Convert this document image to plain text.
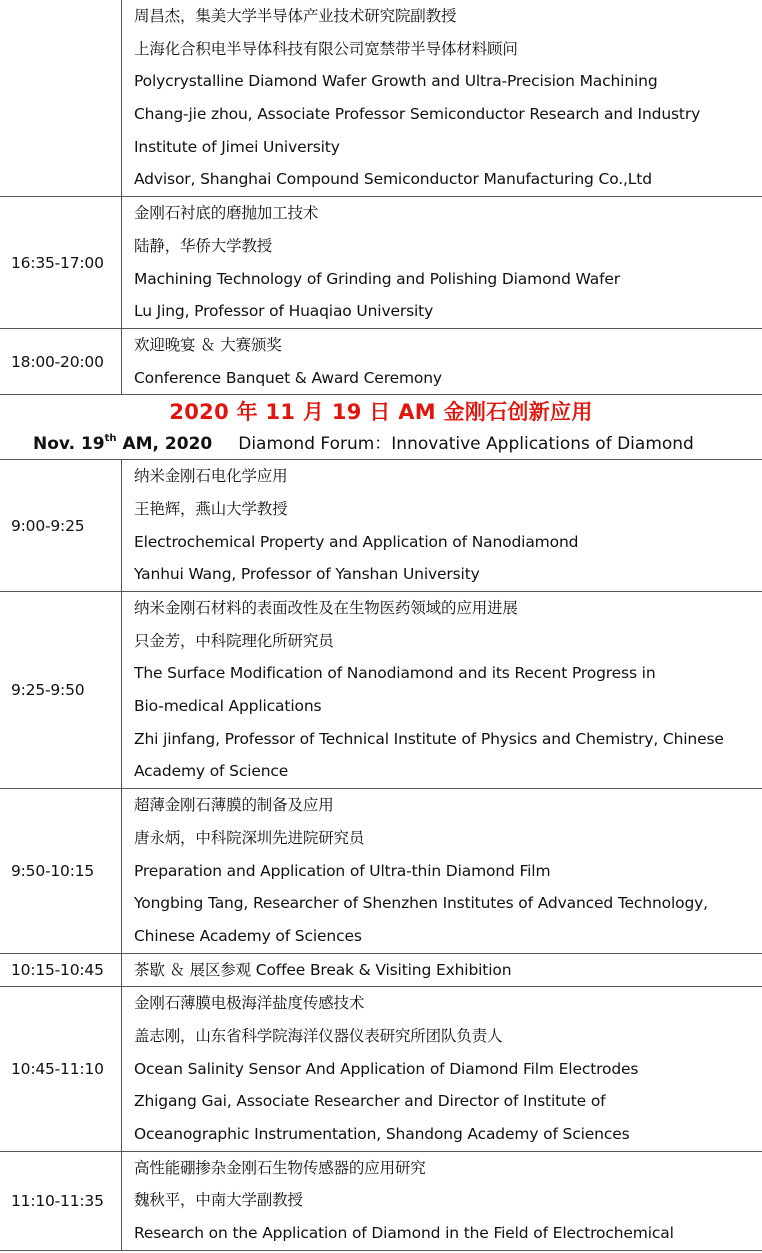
周昌杰，集美大学半导体产业技术研究院副教授
上海化合积电半导体科技有限公司宽禁带半导体材料顾问
Polycrystalline Diamond Wafer Growth and Ultra-Precision Machining
Chang-jie zhou, Associate Professor Semiconductor Research and Industry
Institute of Jimei University
Advisor, Shanghai Compound Semiconductor Manufacturing Co.,Ltd
16:35-17:00
金刚石衬底的磨抛加工技术
陆静，华侨大学教授
Machining Technology of Grinding and Polishing Diamond Wafer
Lu Jing, Professor of Huaqiao University
18:00-20:00
欢迎晚宴 ＆ 大赛颁奖
Conference Banquet & Award Ceremony
2020 年 11 月 19 日 AM 金刚石创新应用
Nov. 19th AM, 2020 Diamond Forum：Innovative Applications of Diamond
9:00-9:25
纳米金刚石电化学应用
王艳辉，燕山大学教授
Electrochemical Property and Application of Nanodiamond
Yanhui Wang, Professor of Yanshan University
9:25-9:50
纳米金刚石材料的表面改性及在生物医药领域的应用进展
只金芳，中科院理化所研究员
The Surface Modification of Nanodiamond and its Recent Progress in
Bio-medical Applications
Zhi jinfang, Professor of Technical Institute of Physics and Chemistry, Chinese
Academy of Science
9:50-10:15
超薄金刚石薄膜的制备及应用
唐永炳，中科院深圳先进院研究员
Preparation and Application of Ultra-thin Diamond Film
Yongbing Tang, Researcher of Shenzhen Institutes of Advanced Technology,
Chinese Academy of Sciences
10:15-10:45	茶歇 ＆ 展区参观 Coffee Break & Visiting Exhibition
10:45-11:10
金刚石薄膜电极海洋盐度传感技术
盖志刚，山东省科学院海洋仪器仪表研究所团队负责人
Ocean Salinity Sensor And Application of Diamond Film Electrodes
Zhigang Gai, Associate Researcher and Director of Institute of
Oceanographic Instrumentation, Shandong Academy of Sciences
11:10-11:35
高性能硼掺杂金刚石生物传感器的应用研究
魏秋平，中南大学副教授
Research on the Application of Diamond in the Field of Electrochemical
